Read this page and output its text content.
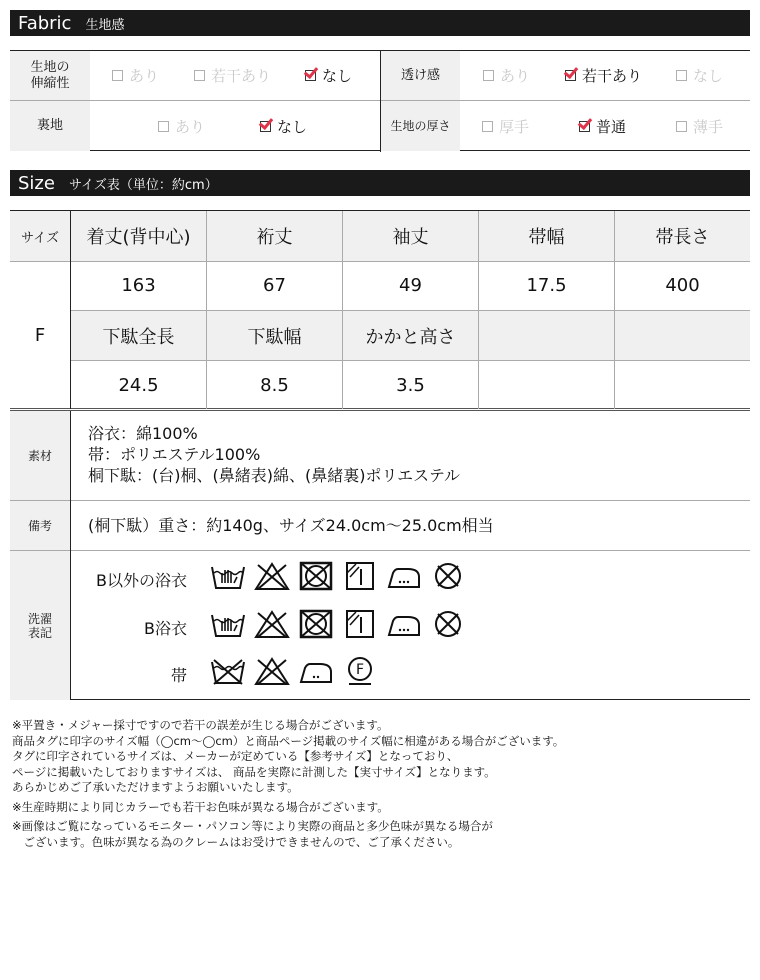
Fabric 生地感
生地の
伸縮性	あり	若干あり	なし	透け感	あり	若干あり	なし
裏地	あり	なし	生地の厚さ	厚手	普通	薄手
Size サイズ表（単位：約cm）
サイズ
F
着丈(背中心)	裄丈	袖丈	帯幅	帯長さ
163	67	49	17.5	400
下駄全長	下駄幅	かかと高さ
24.5	8.5	3.5
素材
浴衣：綿100%
帯：ポリエステル100%
桐下駄：(台)桐、(鼻緒表)綿、(鼻緒裏)ポリエステル
備考	(桐下駄）重さ：約140g、サイズ24.0cm～25.0cm相当
洗濯
表記
B以外の浴衣
B浴衣
帯	F
※平置き・メジャー採寸ですので若干の誤差が生じる場合がございます。
商品タグに印字のサイズ幅（◯cm～◯cm）と商品ページ掲載のサイズ幅に相違がある場合がございます。
タグに印字されているサイズは、メーカーが定めている【参考サイズ】となっており、
ページに掲載いたしておりますサイズは、 商品を実際に計測した【実寸サイズ】となります。
あらかじめご了承いただけますようお願いいたします。
※生産時期により同じカラーでも若干お色味が異なる場合がございます。
※画像はご覧になっているモニター・パソコン等により実際の商品と多少色味が異なる場合が
　ございます。色味が異なる為のクレームはお受けできませんので、ご了承ください。
